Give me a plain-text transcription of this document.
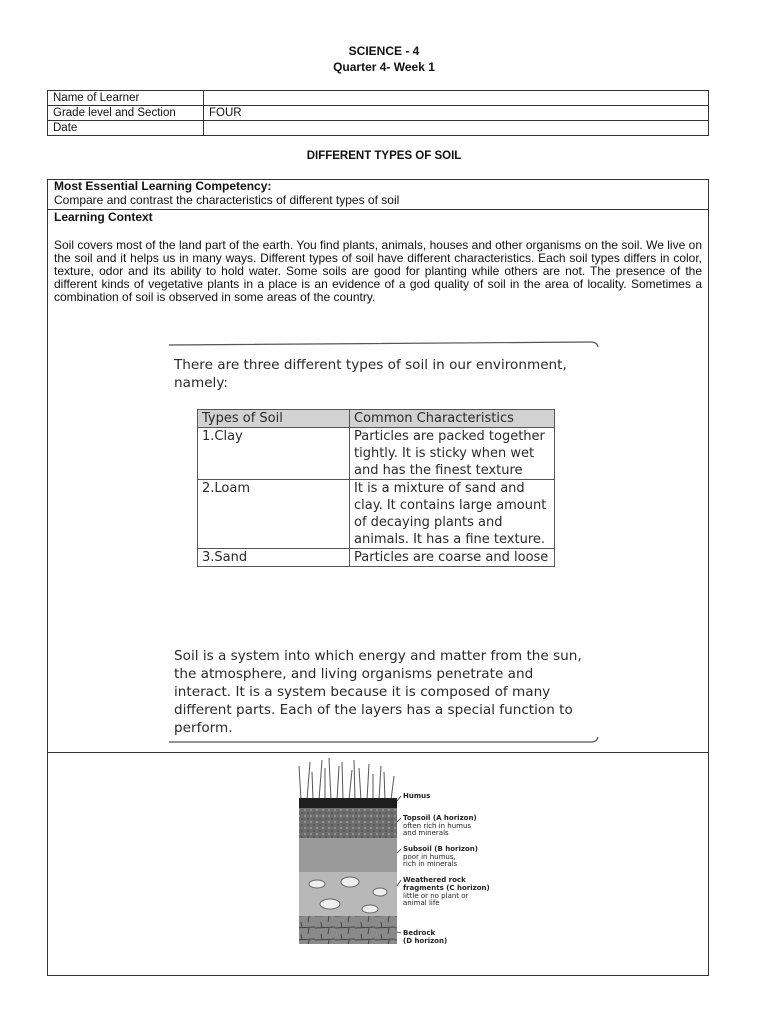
SCIENCE - 4
Quarter 4- Week 1
Name of Learner	
Grade level and Section	FOUR
Date	
DIFFERENT TYPES OF SOIL
Most Essential Learning Competency:
Compare and contrast the characteristics of different types of soil
Learning Context
Soil covers most of the land part of the earth. You find plants, animals, houses and other organisms on the soil. We live on the soil and it helps us in many ways. Different types of soil have different characteristics. Each soil types differs in color, texture, odor and its ability to hold water. Some soils are good for planting while others are not. The presence of the different kinds of vegetative plants in a place is an evidence of a god quality of soil in the area of locality. Sometimes a combination of soil is observed in some areas of the country.

There are three different types of soil in our environment, namely:

Types of Soil	Common Characteristics
1.Clay	Particles are packed together tightly. It is sticky when wet and has the finest texture
2.Loam	It is a mixture of sand and clay. It contains large amount of decaying plants and animals. It has a fine texture.
3.Sand	Particles are coarse and loose

Soil is a system into which energy and matter from the sun, the atmosphere, and living organisms penetrate and interact. It is a system because it is composed of many different parts. Each of the layers has a special function to perform.

Humus
Topsoil (A horizon)
often rich in humus
and minerals
Subsoil (B horizon)
poor in humus,
rich in minerals
Weathered rock
fragments (C horizon)
little or no plant or
animal life
Bedrock
(D horizon)
